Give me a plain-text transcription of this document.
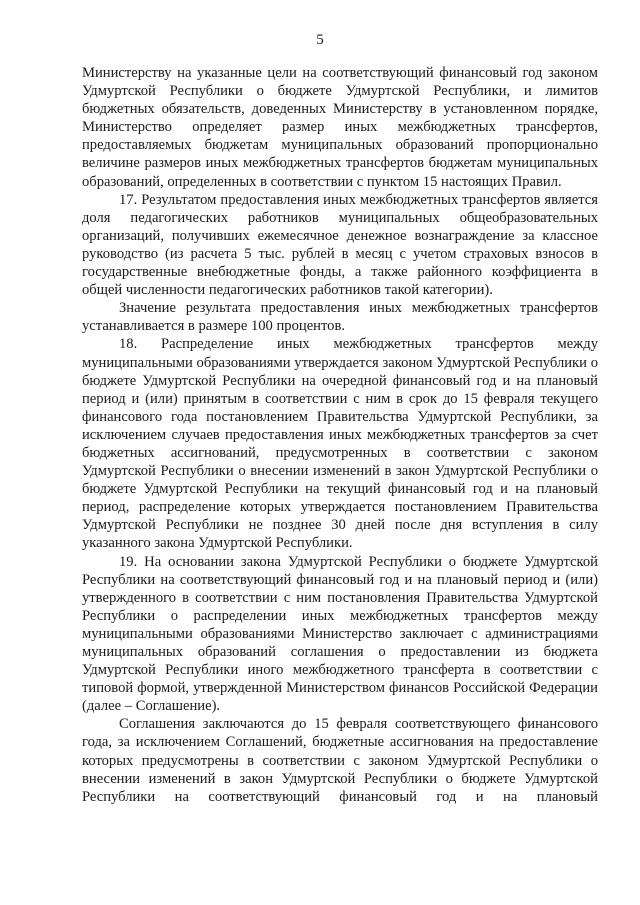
5

Министерству на указанные цели на соответствующий финансовый год законом Удмуртской Республики о бюджете Удмуртской Республики, и лимитов бюджетных обязательств, доведенных Министерству в установленном порядке, Министерство определяет размер иных межбюджетных трансфертов, предоставляемых бюджетам муниципальных образований пропорционально величине размеров иных межбюджетных трансфертов бюджетам муниципальных образований, определенных в соответствии с пунктом 15 настоящих Правил.

17. Результатом предоставления иных межбюджетных трансфертов является доля педагогических работников муниципальных общеобразовательных организаций, получивших ежемесячное денежное вознаграждение за классное руководство (из расчета 5 тыс. рублей в месяц с учетом страховых взносов в государственные внебюджетные фонды, а также районного коэффициента в общей численности педагогических работников такой категории).

Значение результата предоставления иных межбюджетных трансфертов устанавливается в размере 100 процентов.

18. Распределение иных межбюджетных трансфертов между муниципальными образованиями утверждается законом Удмуртской Республики о бюджете Удмуртской Республики на очередной финансовый год и на плановый период и (или) принятым в соответствии с ним в срок до 15 февраля текущего финансового года постановлением Правительства Удмуртской Республики, за исключением случаев предоставления иных межбюджетных трансфертов за счет бюджетных ассигнований, предусмотренных в соответствии с законом Удмуртской Республики о внесении изменений в закон Удмуртской Республики о бюджете Удмуртской Республики на текущий финансовый год и на плановый период, распределение которых утверждается постановлением Правительства Удмуртской Республики не позднее 30 дней после дня вступления в силу указанного закона Удмуртской Республики.

19. На основании закона Удмуртской Республики о бюджете Удмуртской Республики на соответствующий финансовый год и на плановый период и (или) утвержденного в соответствии с ним постановления Правительства Удмуртской Республики о распределении иных межбюджетных трансфертов между муниципальными образованиями Министерство заключает с администрациями муниципальных образований соглашения о предоставлении из бюджета Удмуртской Республики иного межбюджетного трансферта в соответствии с типовой формой, утвержденной Министерством финансов Российской Федерации (далее – Соглашение).

Соглашения заключаются до 15 февраля соответствующего финансового года, за исключением Соглашений, бюджетные ассигнования на предоставление которых предусмотрены в соответствии с законом Удмуртской Республики о внесении изменений в закон Удмуртской Республики о бюджете Удмуртской Республики на соответствующий финансовый год и на плановый
